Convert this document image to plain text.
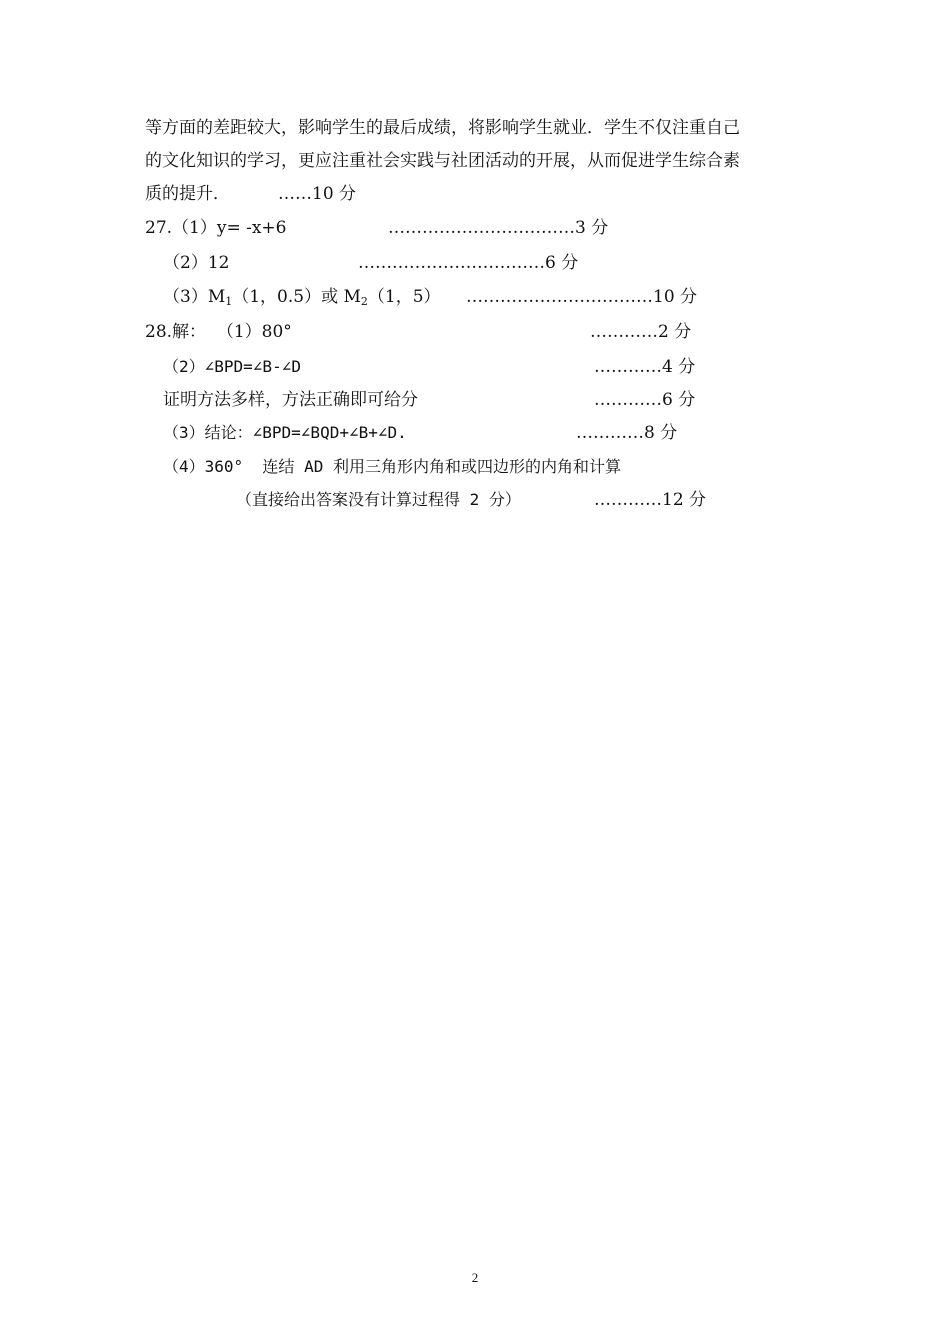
等方面的差距较大，影响学生的最后成绩，将影响学生就业．学生不仅注重自己
的文化知识的学习，更应注重社会实践与社团活动的开展，从而促进学生综合素
质的提升．	……10 分
27.（1）y= -x+6	……………………………3 分
（2）12	……………………………6 分
$(3)M_1(1$，0.5）或 $M_2(1$，5） ……………………………10 分
28.解：  （1）80°	…………2 分
（2）∠BPD=∠B-∠D	…………4 分
证明方法多样，方法正确即可给分	…………6 分
（3）结论：∠BPD=∠BQD+∠B+∠D.	…………8 分
（4）360°  连结 AD 利用三角形内角和或四边形的内角和计算
（直接给出答案没有计算过程得 2 分）	…………12 分
2
